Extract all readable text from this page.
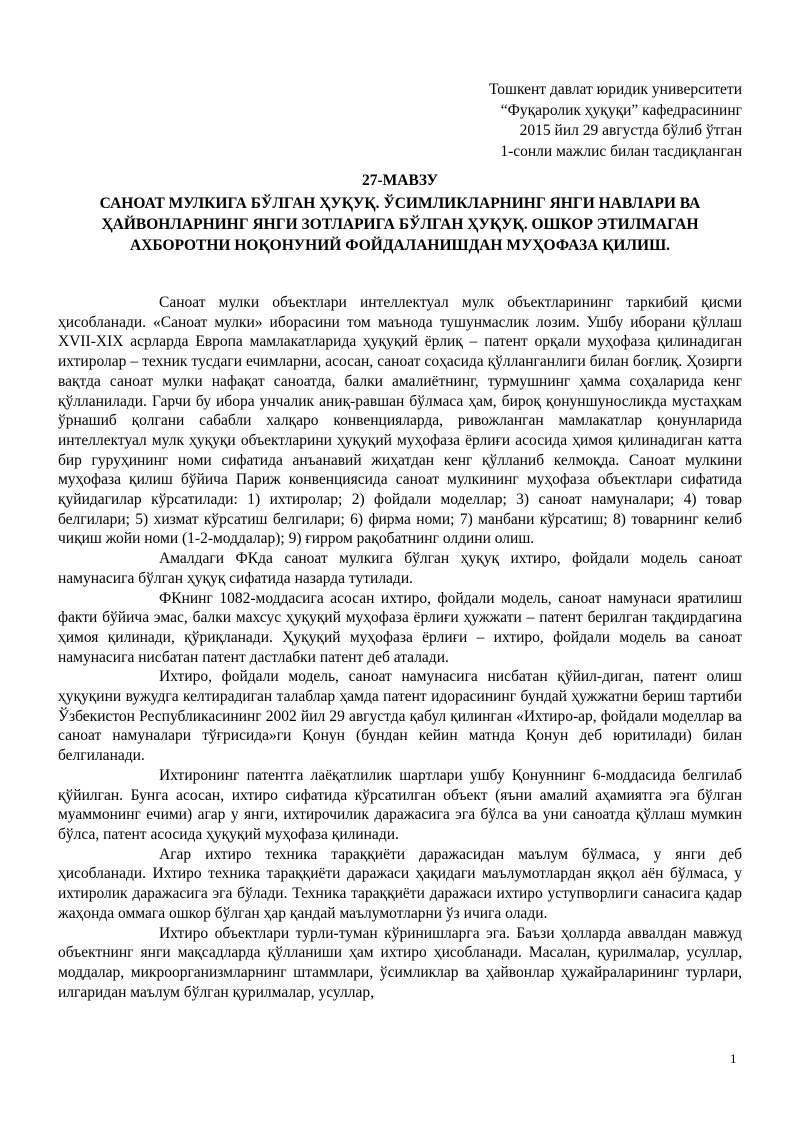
Тошкент давлат юридик университети
“Фуқаролик ҳуқуқи” кафедрасининг
2015 йил 29 августда бўлиб ўтган
1-сонли мажлис билан тасдиқланган
27-МАВЗУ
САНОАТ МУЛКИГА БЎЛГАН ҲУҚУҚ. ЎСИМЛИКЛАРНИНГ ЯНГИ НАВЛАРИ ВА ҲАЙВОНЛАРНИНГ ЯНГИ ЗОТЛАРИГА БЎЛГАН ҲУҚУҚ. ОШКОР ЭТИЛМАГАН АХБОРОТНИ НОҚОНУНИЙ ФОЙДАЛАНИШДАН МУҲОФАЗА ҚИЛИШ.

Саноат мулки объектлари интеллектуал мулк объектларининг таркибий қисми ҳисобланади. «Саноат мулки» иборасини том маънода тушунмаслик лозим. Ушбу иборани қўллаш XVII-XIX асрларда Европа мамлакатларида ҳуқуқий ёрлиқ – патент орқали муҳофаза қилинадиган ихтиролар – техник тусдаги ечимларни, асосан, саноат соҳасида қўлланганлиги билан боғлиқ. Ҳозирги вақтда саноат мулки нафақат саноатда, балки амалиётнинг, турмушнинг ҳамма соҳаларида кенг қўлланилади. Гарчи бу ибора унчалик аниқ-равшан бўлмаса ҳам, бироқ қонуншуносликда мустаҳкам ўрнашиб қолгани сабабли халқаро конвенцияларда, ривожланган мамлакатлар қонунларида интеллектуал мулк ҳуқуқи объектларини ҳуқуқий муҳофаза ёрлиғи асосида ҳимоя қилинадиган катта бир гуруҳининг номи сифатида анъанавий жиҳатдан кенг қўлланиб келмоқда. Саноат мулкини муҳофаза қилиш бўйича Париж конвенциясида саноат мулкининг муҳофаза объектлари сифатида қуйидагилар кўрсатилади: 1) ихтиролар; 2) фойдали моделлар; 3) саноат намуналари; 4) товар белгилари; 5) хизмат кўрсатиш белгилари; 6) фирма номи; 7) манбани кўрсатиш; 8) товарнинг келиб чиқиш жойи номи (1-2-моддалар); 9) ғирром рақобатнинг олдини олиш.

Амалдаги ФКда саноат мулкига бўлган ҳуқуқ ихтиро, фойдали модель саноат намунасига бўлган ҳуқуқ сифатида назарда тутилади.

ФКнинг 1082-моддасига асосан ихтиро, фойдали модель, саноат намунаси яратилиш факти бўйича эмас, балки махсус ҳуқуқий муҳофаза ёрлиғи ҳужжати – патент берилган тақдирдагина ҳимоя қилинади, қўриқланади. Ҳуқуқий муҳофаза ёрлиғи – ихтиро, фойдали модель ва саноат намунасига нисбатан патент дастлабки патент деб аталади.

Ихтиро, фойдали модель, саноат намунасига нисбатан қўйил-диган, патент олиш ҳуқуқини вужудга келтирадиган талаблар ҳамда патент идорасининг бундай ҳужжатни бериш тартиби Ўзбекистон Республикасининг 2002 йил 29 августда қабул қилинган «Ихтиро-ар, фойдали моделлар ва саноат намуналари тўғрисида»ги Қонун (бундан кейин матнда Қонун деб юритилади) билан белгиланади.

Ихтиронинг патентга лаёқатлилик шартлари ушбу Қонуннинг 6-моддасида белгилаб қўйилган. Бунга асосан, ихтиро сифатида кўрсатилган объект (яъни амалий аҳамиятга эга бўлган муаммонинг ечими) агар у янги, ихтирочилик даражасига эга бўлса ва уни саноатда қўллаш мумкин бўлса, патент асосида ҳуқуқий муҳофаза қилинади.

Агар ихтиро техника тараққиёти даражасидан маълум бўлмаса, у янги деб ҳисобланади. Ихтиро техника тараққиёти даражаси ҳақидаги маълумотлардан яққол аён бўлмаса, у ихтиролик даражасига эга бўлади. Техника тараққиёти даражаси ихтиро уступворлиги санасига қадар жаҳонда оммага ошкор бўлган ҳар қандай маълумотларни ўз ичига олади.

Ихтиро объектлари турли-туман кўринишларга эга. Баъзи ҳолларда аввалдан мавжуд объектнинг янги мақсадларда қўлланиши ҳам ихтиро ҳисобланади. Масалан, қурилмалар, усуллар, моддалар, микроорганизмларнинг штаммлари, ўсимликлар ва ҳайвонлар ҳужайраларининг турлари, илгаридан маълум бўлган қурилмалар, усуллар,

1
